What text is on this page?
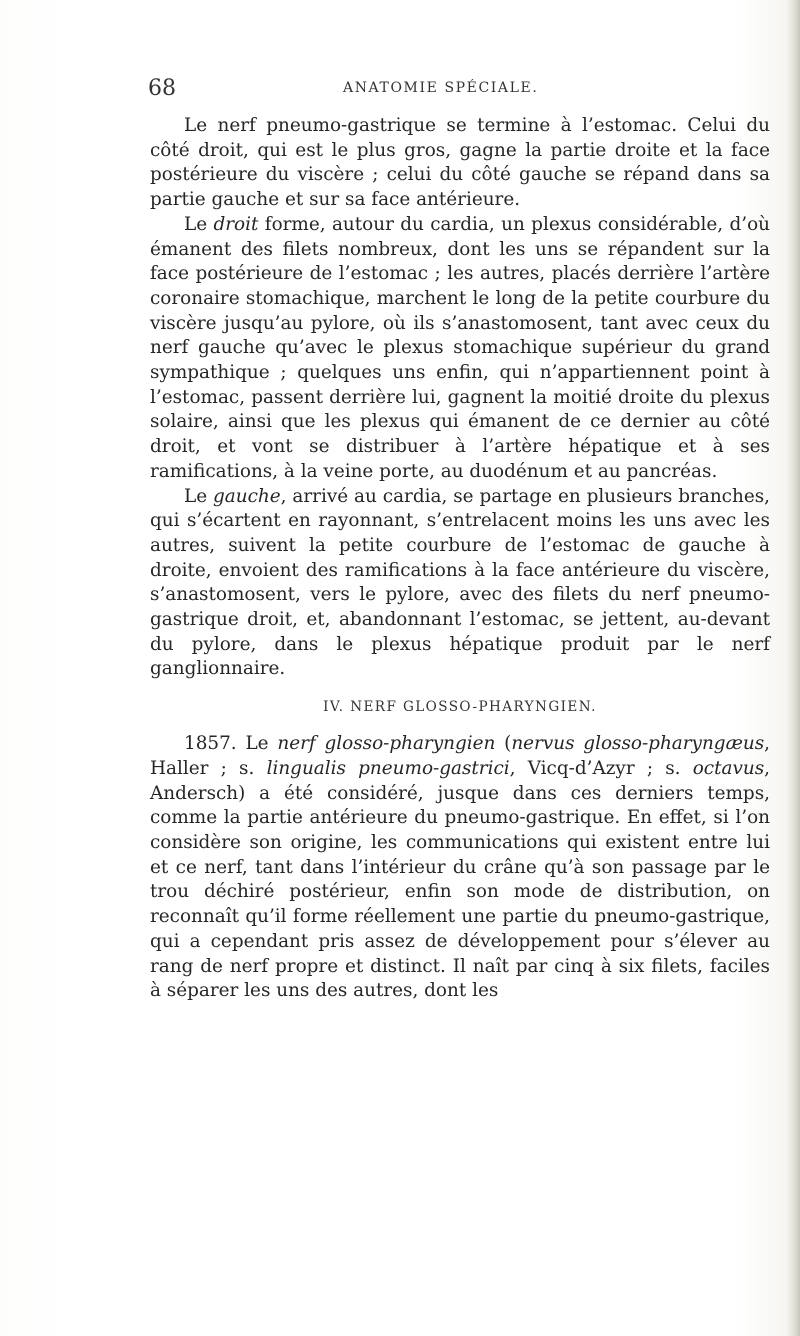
68	ANATOMIE SPÉCIALE.

Le nerf pneumo-gastrique se termine à l’estomac. Celui du côté droit, qui est le plus gros, gagne la partie droite et la face postérieure du viscère ; celui du côté gauche se répand dans sa partie gauche et sur sa face antérieure.

Le droit forme, autour du cardia, un plexus considérable, d’où émanent des filets nombreux, dont les uns se répandent sur la face postérieure de l’estomac ; les autres, placés derrière l’artère coronaire stomachique, marchent le long de la petite courbure du viscère jusqu’au pylore, où ils s’anastomosent, tant avec ceux du nerf gauche qu’avec le plexus stomachique supérieur du grand sympathique ; quelques uns enfin, qui n’appartiennent point à l’estomac, passent derrière lui, gagnent la moitié droite du plexus solaire, ainsi que les plexus qui émanent de ce dernier au côté droit, et vont se distribuer à l’artère hépatique et à ses ramifications, à la veine porte, au duodénum et au pancréas.

Le gauche, arrivé au cardia, se partage en plusieurs branches, qui s’écartent en rayonnant, s’entrelacent moins les uns avec les autres, suivent la petite courbure de l’estomac de gauche à droite, envoient des ramifications à la face antérieure du viscère, s’anastomosent, vers le pylore, avec des filets du nerf pneumo-gastrique droit, et, abandonnant l’estomac, se jettent, au-devant du pylore, dans le plexus hépatique produit par le nerf ganglionnaire.

IV. NERF GLOSSO-PHARYNGIEN.

1857. Le nerf glosso-pharyngien (nervus glosso-pharyngæus, Haller ; s. lingualis pneumo-gastrici, Vicq-d’Azyr ; s. octavus, Andersch) a été considéré, jusque dans ces derniers temps, comme la partie antérieure du pneumo-gastrique. En effet, si l’on considère son origine, les communications qui existent entre lui et ce nerf, tant dans l’intérieur du crâne qu’à son passage par le trou déchiré postérieur, enfin son mode de distribution, on reconnaît qu’il forme réellement une partie du pneumo-gastrique, qui a cependant pris assez de développement pour s’élever au rang de nerf propre et distinct. Il naît par cinq à six filets, faciles à séparer les uns des autres, dont les
